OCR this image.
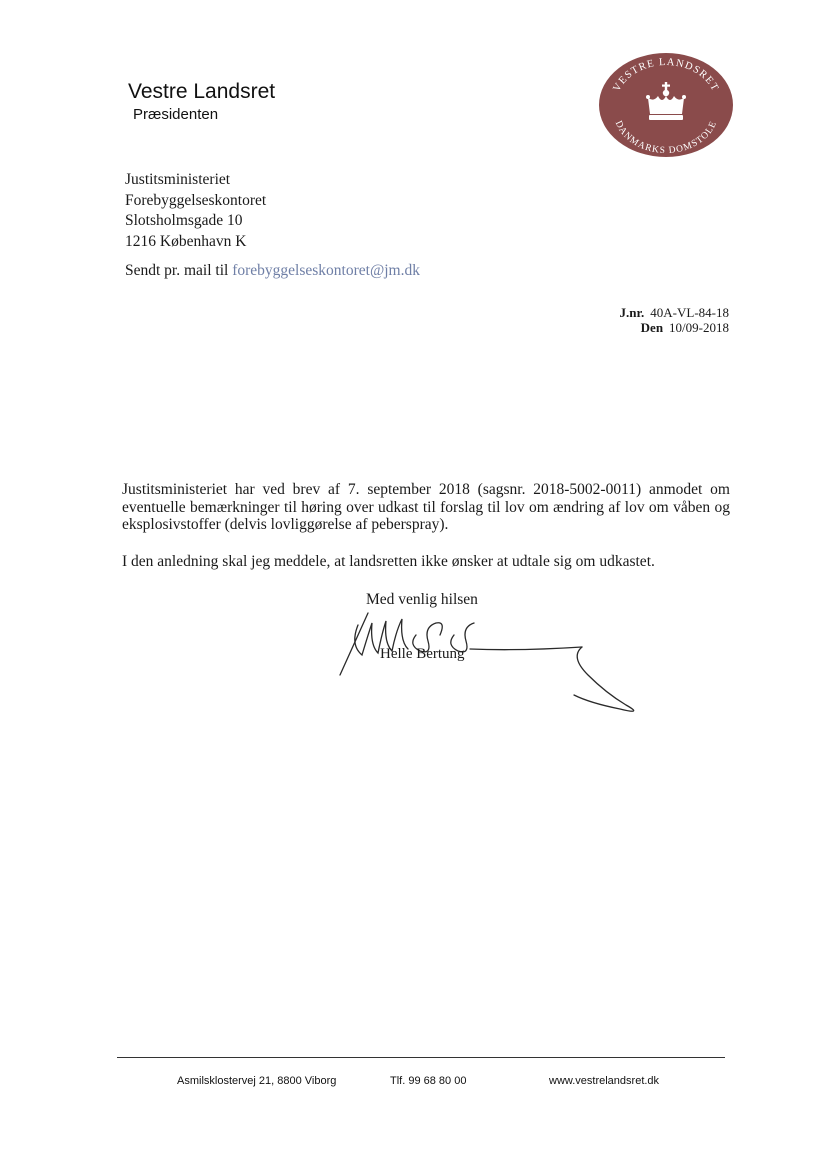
Vestre Landsret
Præsidenten
VESTRE LANDSRET
DANMARKS DOMSTOLE
Justitsministeriet
Forebyggelseskontoret
Slotsholmsgade 10
1216 København K
Sendt pr. mail til forebyggelseskontoret@jm.dk
J.nr. 40A-VL-84-18
Den 10/09-2018
Justitsministeriet har ved brev af 7. september 2018 (sagsnr. 2018-5002-0011) anmodet om eventuelle bemærkninger til høring over udkast til forslag til lov om ændring af lov om våben og eksplosivstoffer (delvis lovliggørelse af peberspray).
I den anledning skal jeg meddele, at landsretten ikke ønsker at udtale sig om udkastet.
Med venlig hilsen
Helle Bertung
Asmilsklostervej 21, 8800 Viborg	Tlf. 99 68 80 00	www.vestrelandsret.dk
